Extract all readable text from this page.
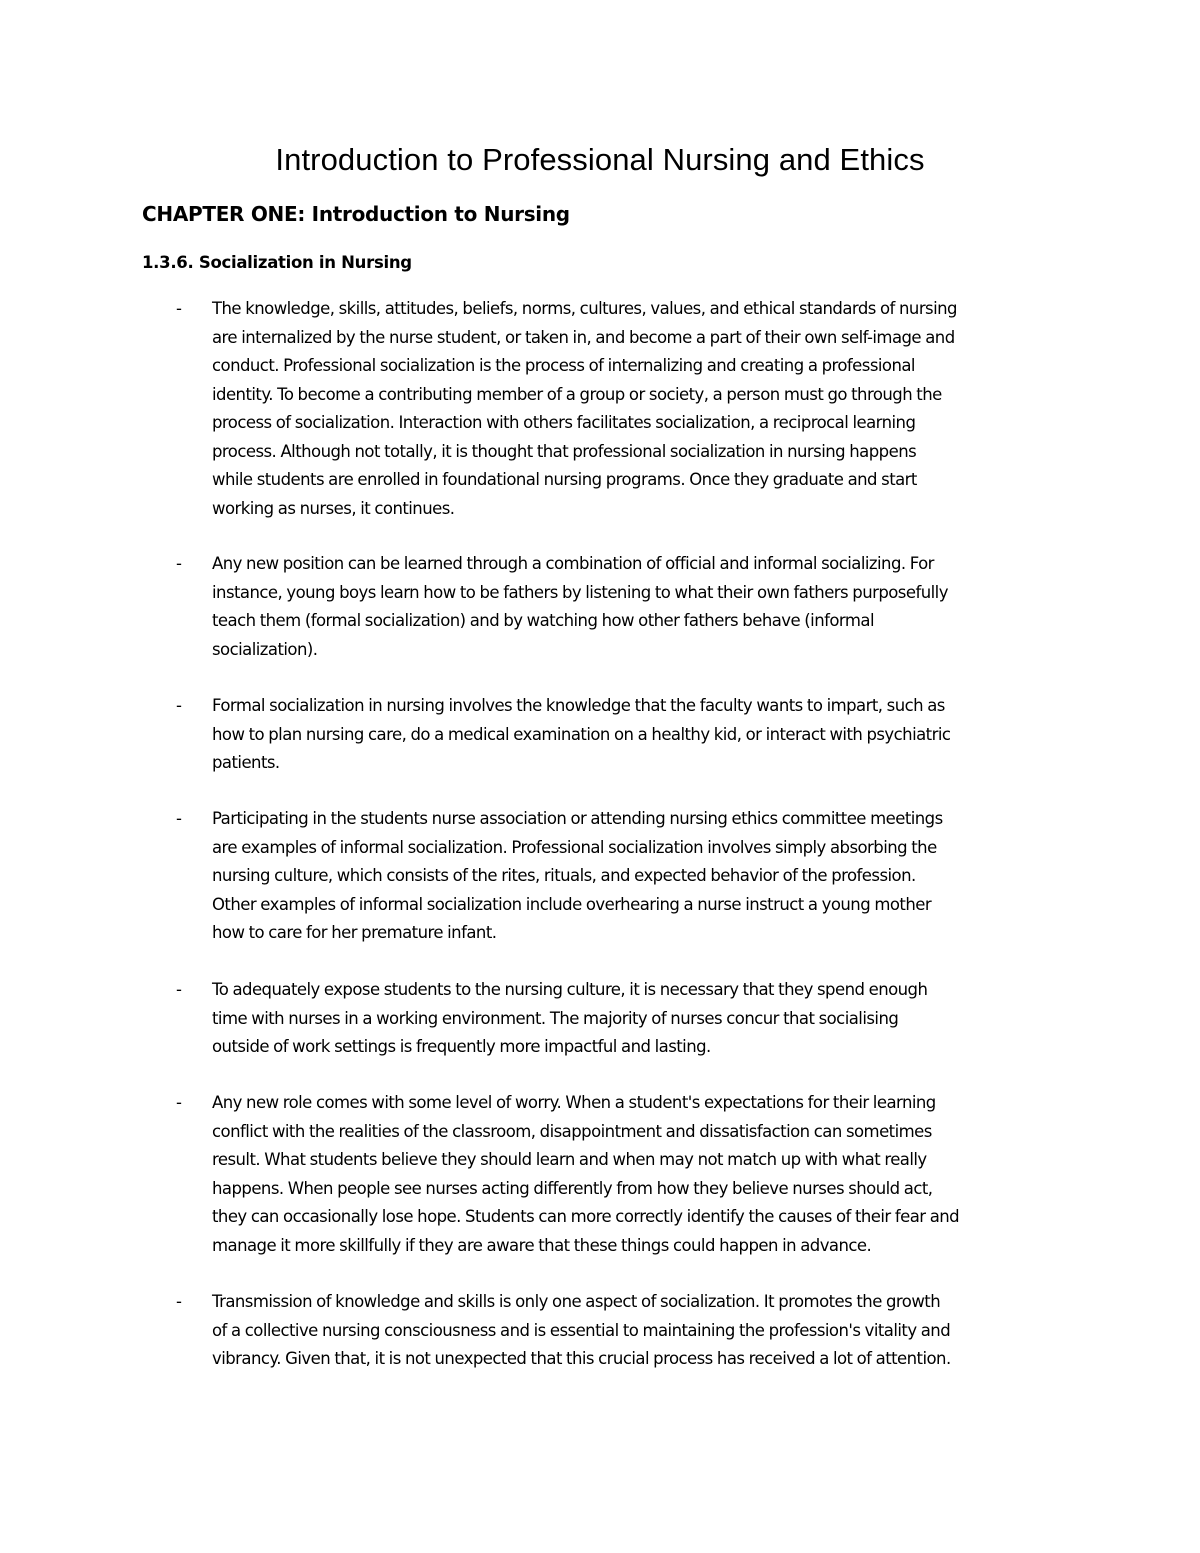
Introduction to Professional Nursing and Ethics
CHAPTER ONE: Introduction to Nursing
1.3.6. Socialization in Nursing
- The knowledge, skills, attitudes, beliefs, norms, cultures, values, and ethical standards of nursing
are internalized by the nurse student, or taken in, and become a part of their own self-image and
conduct. Professional socialization is the process of internalizing and creating a professional
identity. To become a contributing member of a group or society, a person must go through the
process of socialization. Interaction with others facilitates socialization, a reciprocal learning
process. Although not totally, it is thought that professional socialization in nursing happens
while students are enrolled in foundational nursing programs. Once they graduate and start
working as nurses, it continues.

- Any new position can be learned through a combination of official and informal socializing. For
instance, young boys learn how to be fathers by listening to what their own fathers purposefully
teach them (formal socialization) and by watching how other fathers behave (informal
socialization).

- Formal socialization in nursing involves the knowledge that the faculty wants to impart, such as
how to plan nursing care, do a medical examination on a healthy kid, or interact with psychiatric
patients.

- Participating in the students nurse association or attending nursing ethics committee meetings
are examples of informal socialization. Professional socialization involves simply absorbing the
nursing culture, which consists of the rites, rituals, and expected behavior of the profession.
Other examples of informal socialization include overhearing a nurse instruct a young mother
how to care for her premature infant.

- To adequately expose students to the nursing culture, it is necessary that they spend enough
time with nurses in a working environment. The majority of nurses concur that socialising
outside of work settings is frequently more impactful and lasting.

- Any new role comes with some level of worry. When a student's expectations for their learning
conflict with the realities of the classroom, disappointment and dissatisfaction can sometimes
result. What students believe they should learn and when may not match up with what really
happens. When people see nurses acting differently from how they believe nurses should act,
they can occasionally lose hope. Students can more correctly identify the causes of their fear and
manage it more skillfully if they are aware that these things could happen in advance.

- Transmission of knowledge and skills is only one aspect of socialization. It promotes the growth
of a collective nursing consciousness and is essential to maintaining the profession's vitality and
vibrancy. Given that, it is not unexpected that this crucial process has received a lot of attention.
